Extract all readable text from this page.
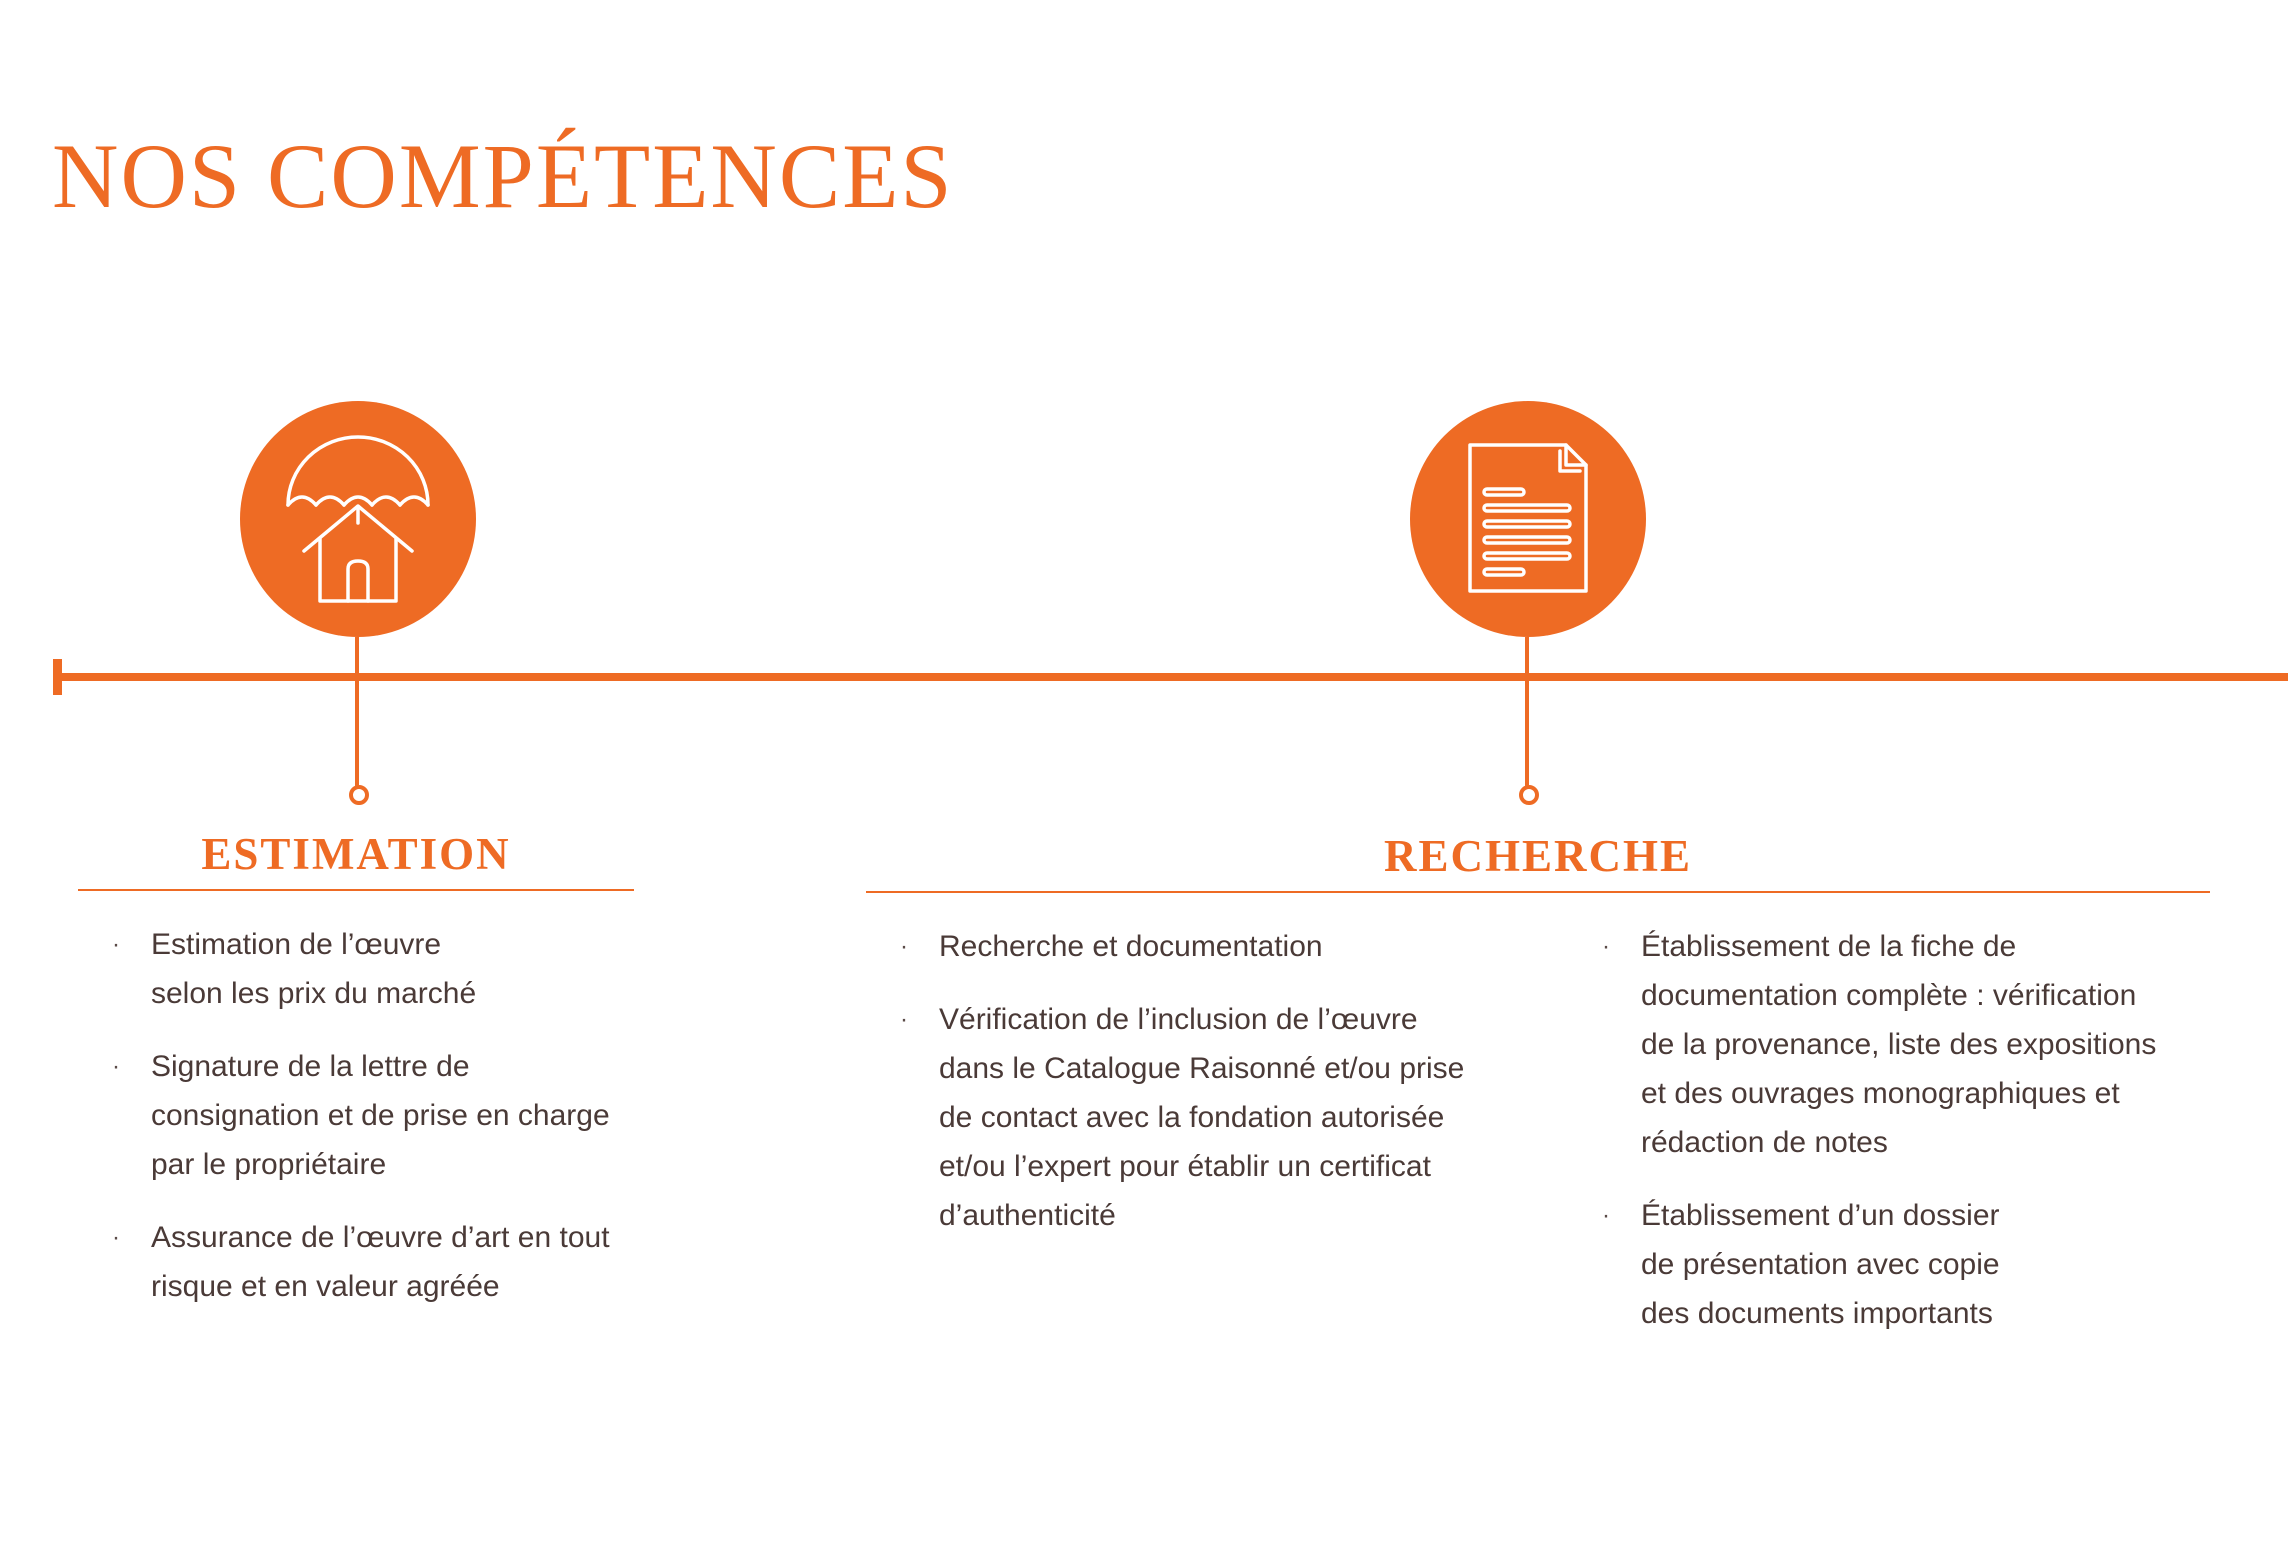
NOS COMPÉTENCES
ESTIMATION
· Estimation de l’œuvre
selon les prix du marché
· Signature de la lettre de
consignation et de prise en charge
par le propriétaire
· Assurance de l’œuvre d’art en tout
risque et en valeur agréée
RECHERCHE
· Recherche et documentation
· Vérification de l’inclusion de l’œuvre
dans le Catalogue Raisonné et/ou prise
de contact avec la fondation autorisée
et/ou l’expert pour établir un certificat
d’authenticité
· Établissement de la fiche de
documentation complète : vérification
de la provenance, liste des expositions
et des ouvrages monographiques et
rédaction de notes
· Établissement d’un dossier
de présentation avec copie
des documents importants
